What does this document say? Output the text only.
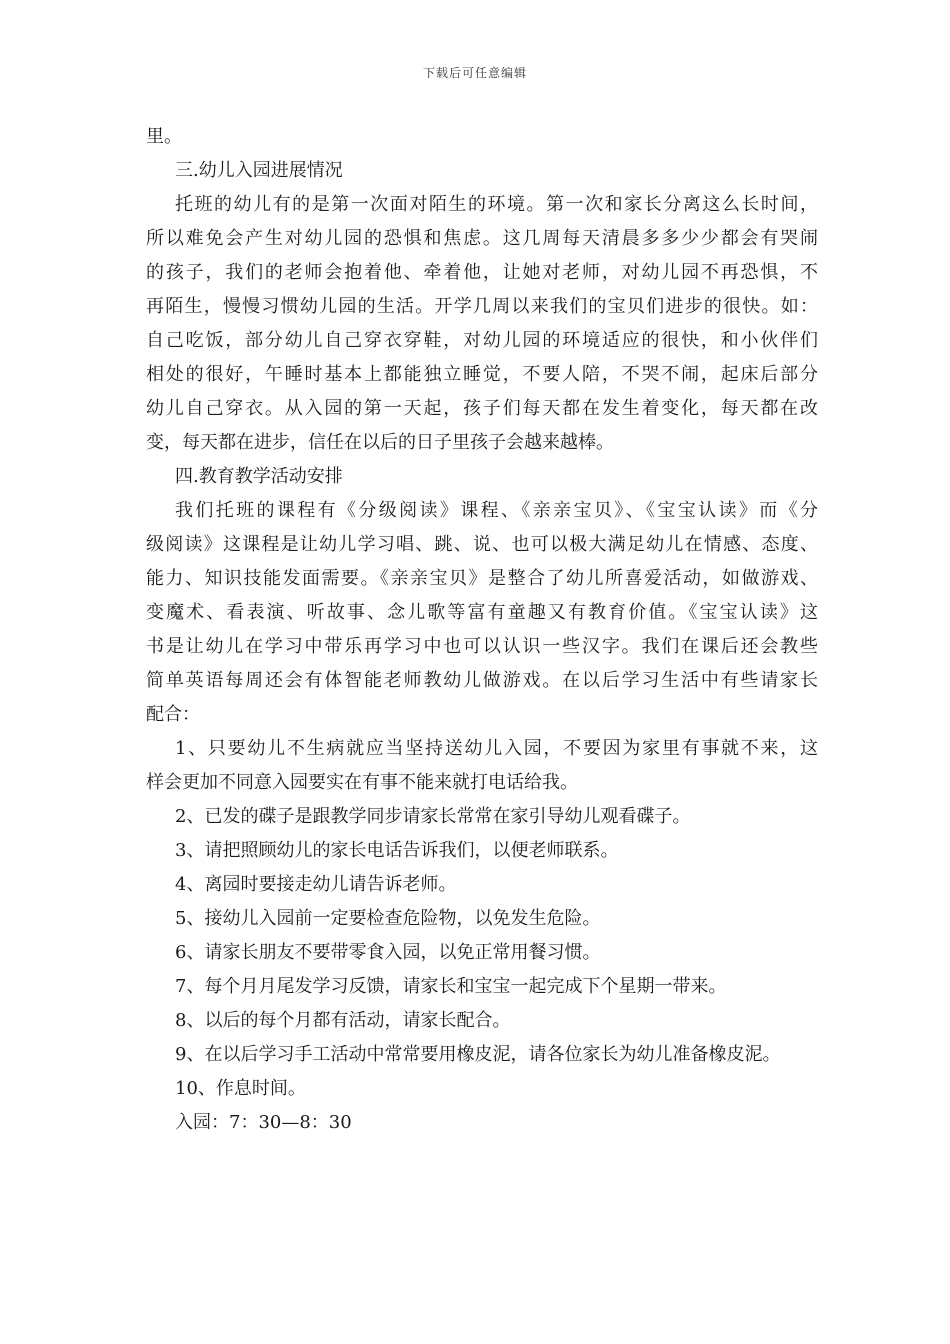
下载后可任意编辑

里。

三.幼儿入园进展情况

托班的幼儿有的是第一次面对陌生的环境。第一次和家长分离这么长时间，

所以难免会产生对幼儿园的恐惧和焦虑。这几周每天清晨多多少少都会有哭闹

的孩子，我们的老师会抱着他、牵着他，让她对老师，对幼儿园不再恐惧，不

再陌生，慢慢习惯幼儿园的生活。开学几周以来我们的宝贝们进步的很快。如：

自己吃饭，部分幼儿自己穿衣穿鞋，对幼儿园的环境适应的很快，和小伙伴们

相处的很好，午睡时基本上都能独立睡觉，不要人陪，不哭不闹，起床后部分

幼儿自己穿衣。从入园的第一天起，孩子们每天都在发生着变化，每天都在改

变，每天都在进步，信任在以后的日子里孩子会越来越棒。

四.教育教学活动安排

我们托班的课程有《分级阅读》课程、《亲亲宝贝》、《宝宝认读》而《分

级阅读》这课程是让幼儿学习唱、跳、说、也可以极大满足幼儿在情感、态度、

能力、知识技能发面需要。《亲亲宝贝》是整合了幼儿所喜爱活动，如做游戏、

变魔术、看表演、听故事、念儿歌等富有童趣又有教育价值。《宝宝认读》这

书是让幼儿在学习中带乐再学习中也可以认识一些汉字。我们在课后还会教些

简单英语每周还会有体智能老师教幼儿做游戏。在以后学习生活中有些请家长

配合：

1、只要幼儿不生病就应当坚持送幼儿入园，不要因为家里有事就不来，这

样会更加不同意入园要实在有事不能来就打电话给我。

2、已发的碟子是跟教学同步请家长常常在家引导幼儿观看碟子。

3、请把照顾幼儿的家长电话告诉我们，以便老师联系。

4、离园时要接走幼儿请告诉老师。

5、接幼儿入园前一定要检查危险物，以免发生危险。

6、请家长朋友不要带零食入园，以免正常用餐习惯。

7、每个月月尾发学习反馈，请家长和宝宝一起完成下个星期一带来。

8、以后的每个月都有活动，请家长配合。

9、在以后学习手工活动中常常要用橡皮泥，请各位家长为幼儿准备橡皮泥。

10、作息时间。

入园：7：30—8：30
